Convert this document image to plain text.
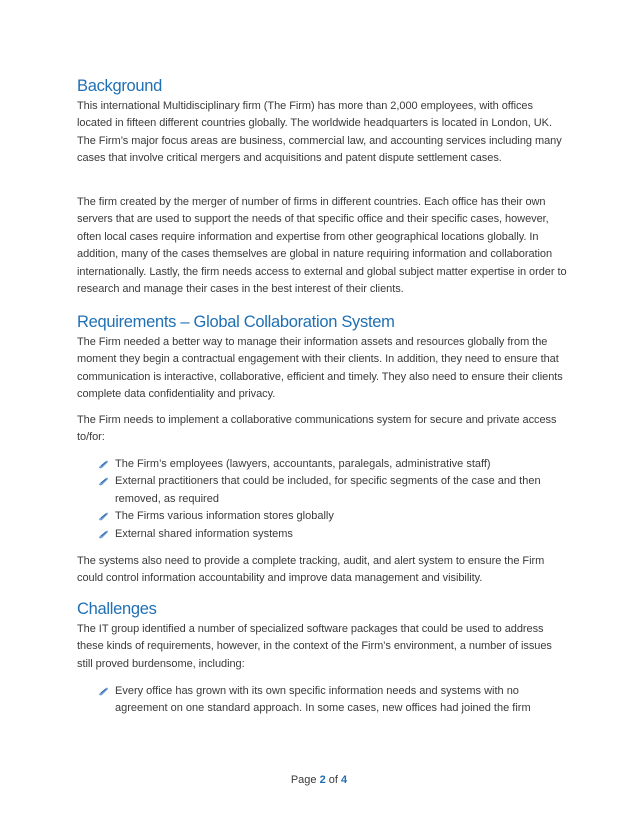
Background

This international Multidisciplinary firm (The Firm) has more than 2,000 employees, with offices located in fifteen different countries globally. The worldwide headquarters is located in London, UK. The Firm’s major focus areas are business, commercial law, and accounting services including many cases that involve critical mergers and acquisitions and patent dispute settlement cases.

The firm created by the merger of number of firms in different countries. Each office has their own servers that are used to support the needs of that specific office and their specific cases, however, often local cases require information and expertise from other geographical locations globally. In addition, many of the cases themselves are global in nature requiring information and collaboration internationally. Lastly, the firm needs access to external and global subject matter expertise in order to research and manage their cases in the best interest of their clients.

Requirements – Global Collaboration System

The Firm needed a better way to manage their information assets and resources globally from the moment they begin a contractual engagement with their clients. In addition, they need to ensure that communication is interactive, collaborative, efficient and timely. They also need to ensure their clients complete data confidentiality and privacy.

The Firm needs to implement a collaborative communications system for secure and private access to/for:

The Firm’s employees (lawyers, accountants, paralegals, administrative staff)
External practitioners that could be included, for specific segments of the case and then removed, as required
The Firms various information stores globally
External shared information systems

The systems also need to provide a complete tracking, audit, and alert system to ensure the Firm could control information accountability and improve data management and visibility.

Challenges

The IT group identified a number of specialized software packages that could be used to address these kinds of requirements, however, in the context of the Firm’s environment, a number of issues still proved burdensome, including:

Every office has grown with its own specific information needs and systems with no agreement on one standard approach. In some cases, new offices had joined the firm
Page 2 of 4
